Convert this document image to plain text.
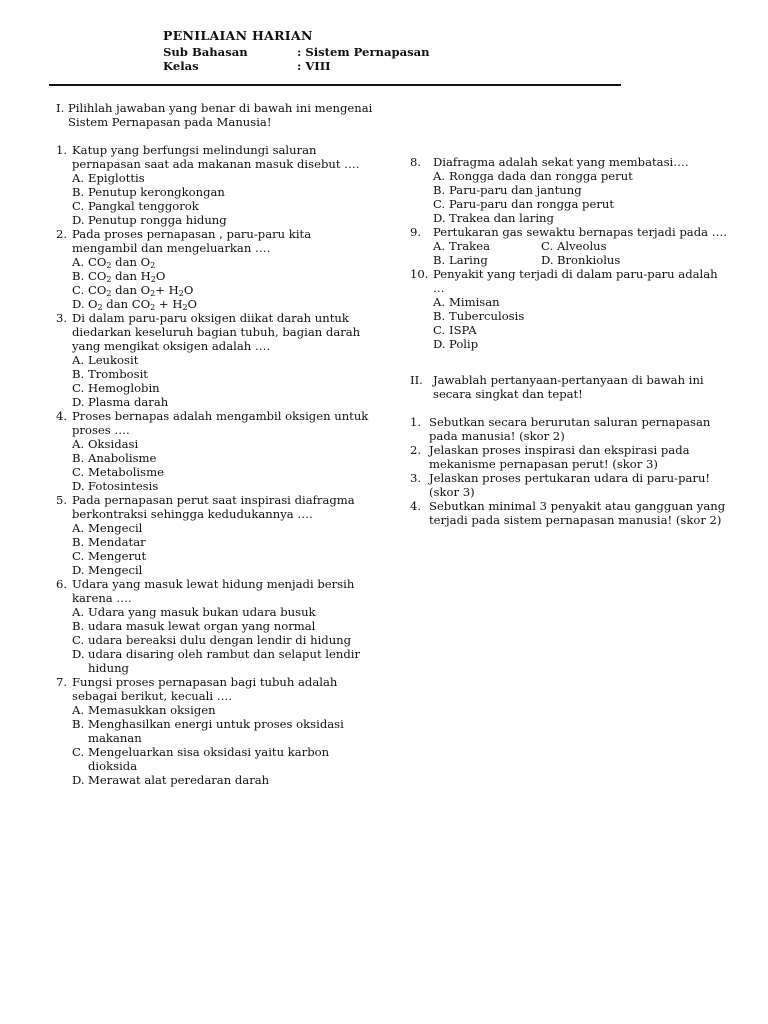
PENILAIAN HARIAN
Sub Bahasan	: Sistem Pernapasan
Kelas	: VIII
I. Pilihlah jawaban yang benar di bawah ini mengenai Sistem Pernapasan pada Manusia!
1. Katup yang berfungsi melindungi saluran pernapasan saat ada makanan masuk disebut ….
A. Epiglottis
B. Penutup kerongkongan
C. Pangkal tenggorok
D. Penutup rongga hidung
2. Pada proses pernapasan , paru-paru kita mengambil dan mengeluarkan ….
A. $CO_2$ dan $O_2$
B. $CO_2$ dan $H_2O$
C. $CO_2$ dan $O_2+ H_2O$
D. $O_2$ dan $CO_2 + H_2O$
3. Di dalam paru-paru oksigen diikat darah untuk diedarkan keseluruh bagian tubuh, bagian darah yang mengikat oksigen adalah ….
A. Leukosit
B. Trombosit
C. Hemoglobin
D. Plasma darah
4. Proses bernapas adalah mengambil oksigen untuk proses ….
A. Oksidasi
B. Anabolisme
C. Metabolisme
D. Fotosintesis
5. Pada pernapasan perut saat inspirasi diafragma berkontraksi sehingga kedudukannya ….
A. Mengecil
B. Mendatar
C. Mengerut
D. Mengecil
6. Udara yang masuk lewat hidung menjadi bersih karena ….
A. Udara yang masuk bukan udara busuk
B. udara masuk lewat organ yang normal
C. udara bereaksi dulu dengan lendir di hidung
D. udara disaring oleh rambut dan selaput lendir hidung
7. Fungsi proses pernapasan bagi tubuh adalah sebagai berikut, kecuali ….
A. Memasukkan oksigen
B. Menghasilkan energi untuk proses oksidasi makanan
C. Mengeluarkan sisa oksidasi yaitu karbon dioksida
D. Merawat alat peredaran darah
8.	Diafragma adalah sekat yang membatasi….
A. Rongga dada dan rongga perut
B. Paru-paru dan jantung
C. Paru-paru dan rongga perut
D. Trakea dan laring
9.	Pertukaran gas sewaktu bernapas terjadi pada ….
A. Trakea	C. Alveolus
B. Laring	D. Bronkiolus
10. Penyakit yang terjadi di dalam paru-paru adalah …
A. Mimisan
B. Tuberculosis
C. ISPA
D. Polip
II. Jawablah pertanyaan-pertanyaan di bawah ini secara singkat dan tepat!
1. Sebutkan secara berurutan saluran pernapasan pada manusia! (skor 2)
2. Jelaskan proses inspirasi dan ekspirasi pada mekanisme pernapasan perut! (skor 3)
3. Jelaskan proses pertukaran udara di paru-paru! (skor 3)
4. Sebutkan minimal 3 penyakit atau gangguan yang terjadi pada sistem pernapasan manusia! (skor 2)
